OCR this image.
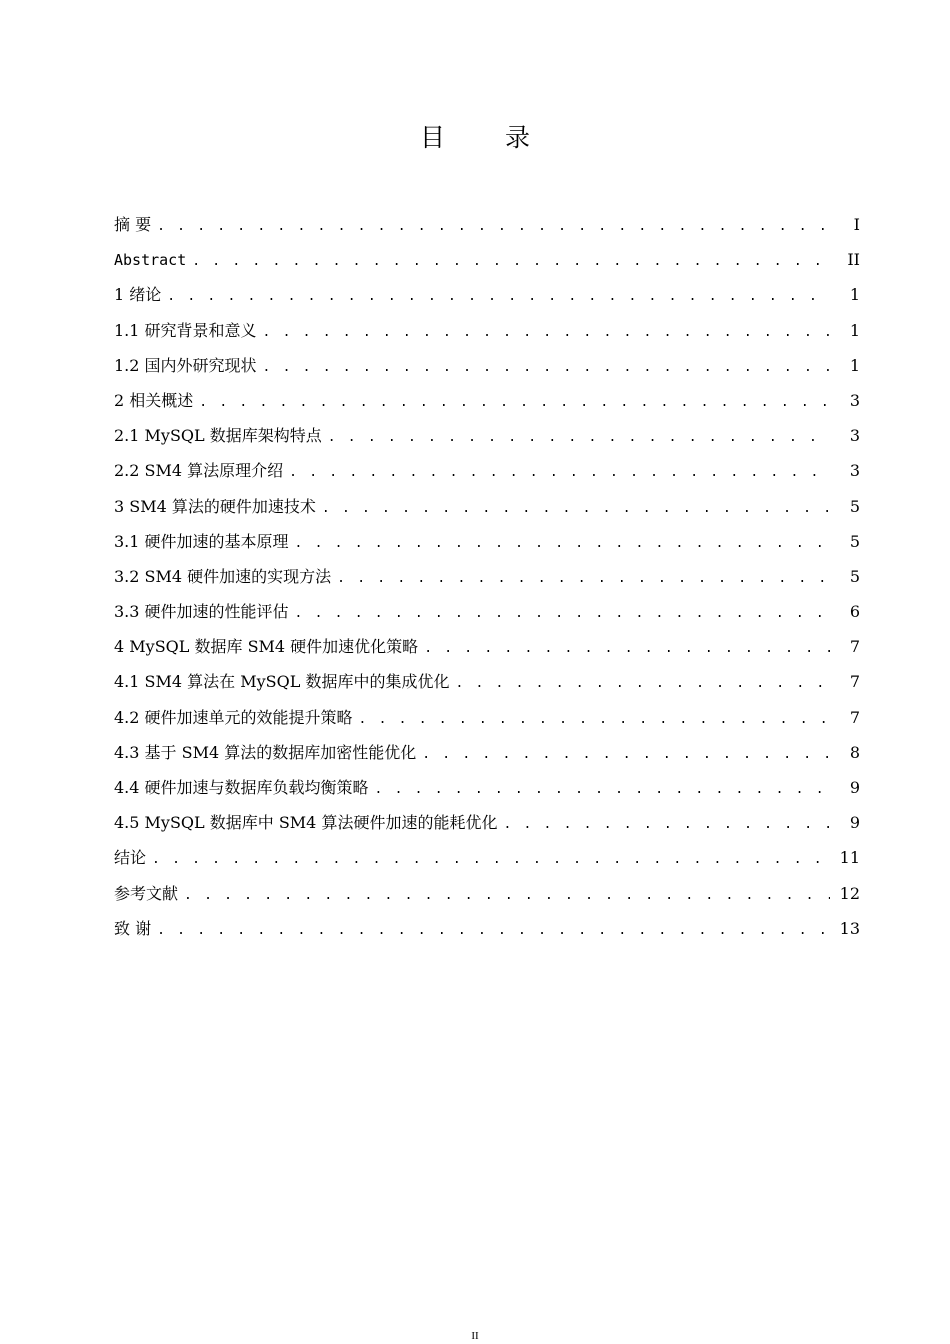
目 录
摘 要 . . .	I
Abstract . . .	II
1 绪论 . . .	1
1.1 研究背景和意义 . . .	1
1.2 国内外研究现状 . . .	1
2 相关概述 . . .	3
2.1 MySQL 数据库架构特点 . . .	3
2.2 SM4 算法原理介绍 . . .	3
3 SM4 算法的硬件加速技术 . . .	5
3.1 硬件加速的基本原理 . . .	5
3.2 SM4 硬件加速的实现方法 . . .	5
3.3 硬件加速的性能评估 . . .	6
4 MySQL 数据库 SM4 硬件加速优化策略 . . .	7
4.1 SM4 算法在 MySQL 数据库中的集成优化 . . .	7
4.2 硬件加速单元的效能提升策略 . . .	7
4.3 基于 SM4 算法的数据库加密性能优化 . . .	8
4.4 硬件加速与数据库负载均衡策略 . . .	9
4.5 MySQL 数据库中 SM4 算法硬件加速的能耗优化 . . .	9
结论 . . .	11
参考文献 . . .	12
致 谢 . . .	13
II
